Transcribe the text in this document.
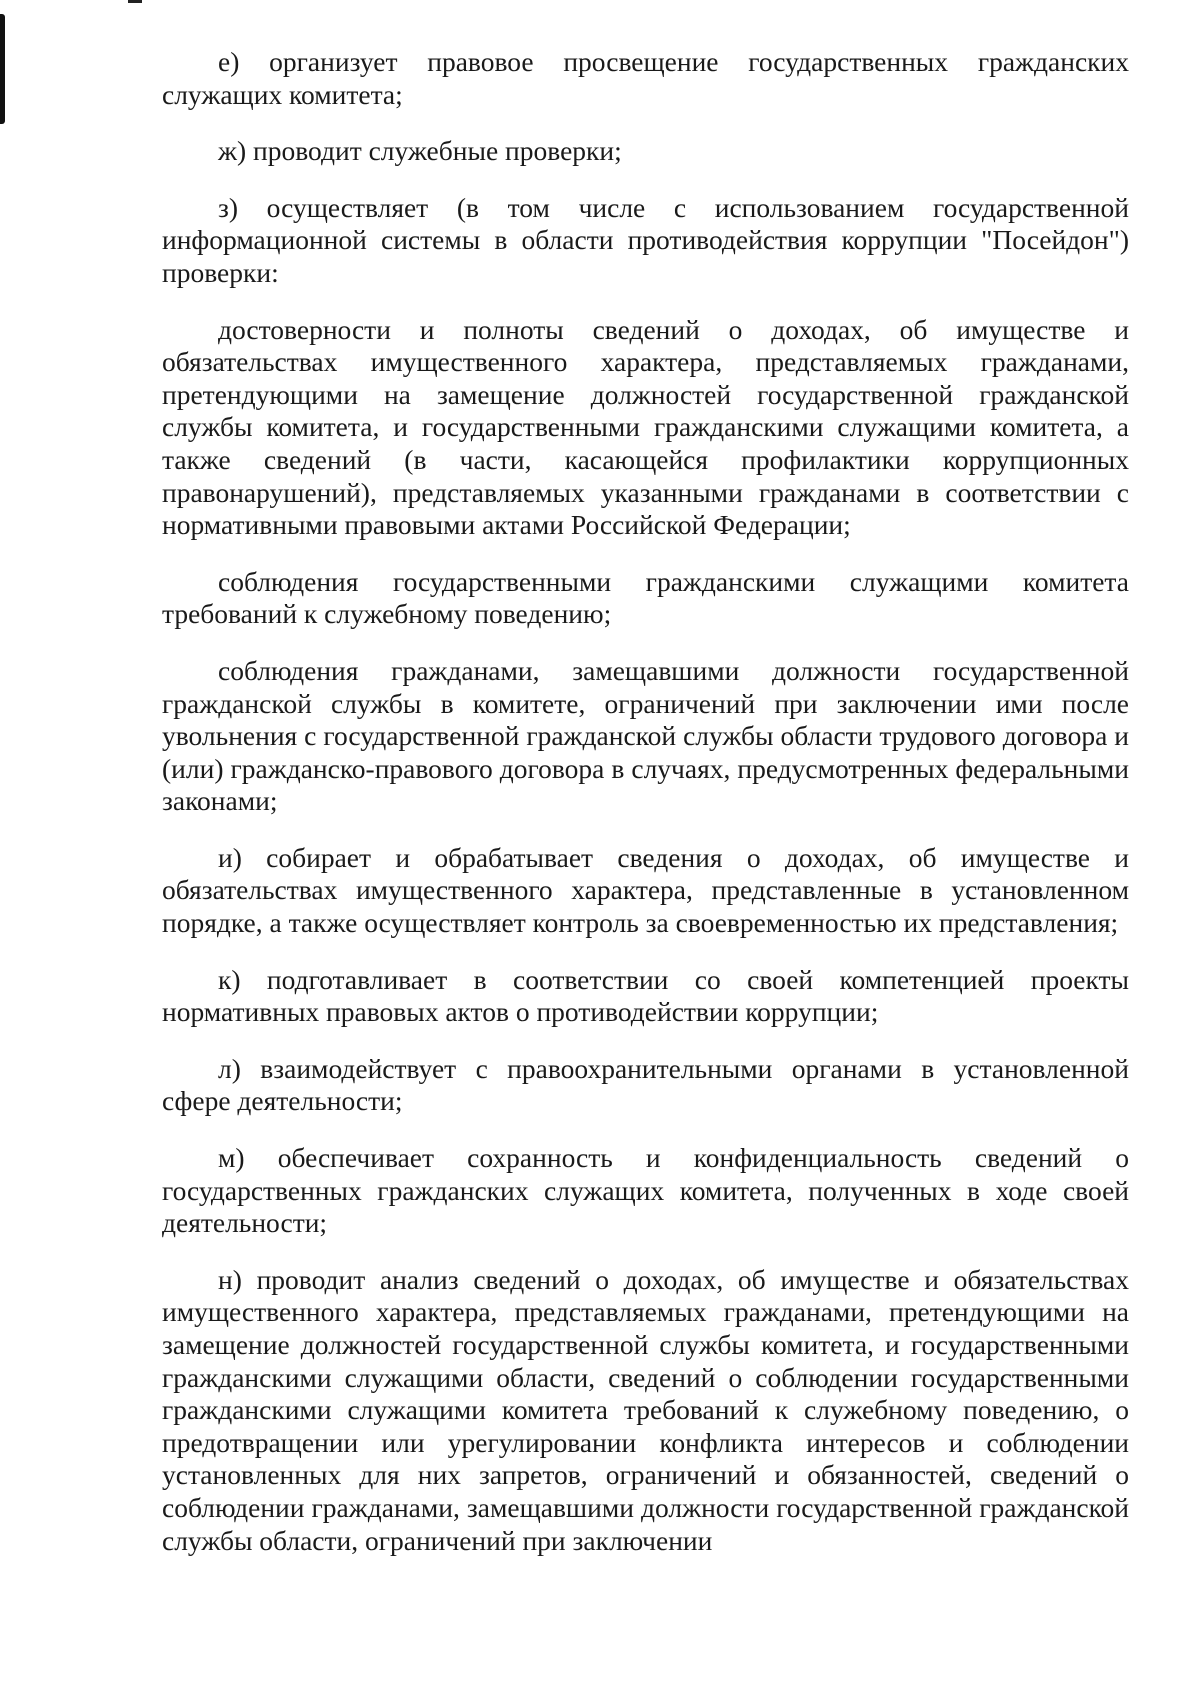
е) организует правовое просвещение государственных гражданских служащих комитета;

ж) проводит служебные проверки;

з) осуществляет (в том числе с использованием государственной информационной системы в области противодействия коррупции "Посейдон") проверки:

достоверности и полноты сведений о доходах, об имуществе и обязательствах имущественного характера, представляемых гражданами, претендующими на замещение должностей государственной гражданской службы комитета, и государственными гражданскими служащими комитета, а также сведений (в части, касающейся профилактики коррупционных правонарушений), представляемых указанными гражданами в соответствии с нормативными правовыми актами Российской Федерации;

соблюдения государственными гражданскими служащими комитета требований к служебному поведению;

соблюдения гражданами, замещавшими должности государственной гражданской службы в комитете, ограничений при заключении ими после увольнения с государственной гражданской службы области трудового договора и (или) гражданско-правового договора в случаях, предусмотренных федеральными законами;

и) собирает и обрабатывает сведения о доходах, об имуществе и обязательствах имущественного характера, представленные в установленном порядке, а также осуществляет контроль за своевременностью их представления;

к) подготавливает в соответствии со своей компетенцией проекты нормативных правовых актов о противодействии коррупции;

л) взаимодействует с правоохранительными органами в установленной сфере деятельности;

м) обеспечивает сохранность и конфиденциальность сведений о государственных гражданских служащих комитета, полученных в ходе своей деятельности;

н) проводит анализ сведений о доходах, об имуществе и обязательствах имущественного характера, представляемых гражданами, претендующими на замещение должностей государственной службы комитета, и государственными гражданскими служащими области, сведений о соблюдении государственными гражданскими служащими комитета требований к служебному поведению, о предотвращении или урегулировании конфликта интересов и соблюдении установленных для них запретов, ограничений и обязанностей, сведений о соблюдении гражданами, замещавшими должности государственной гражданской службы области, ограничений при заключении
